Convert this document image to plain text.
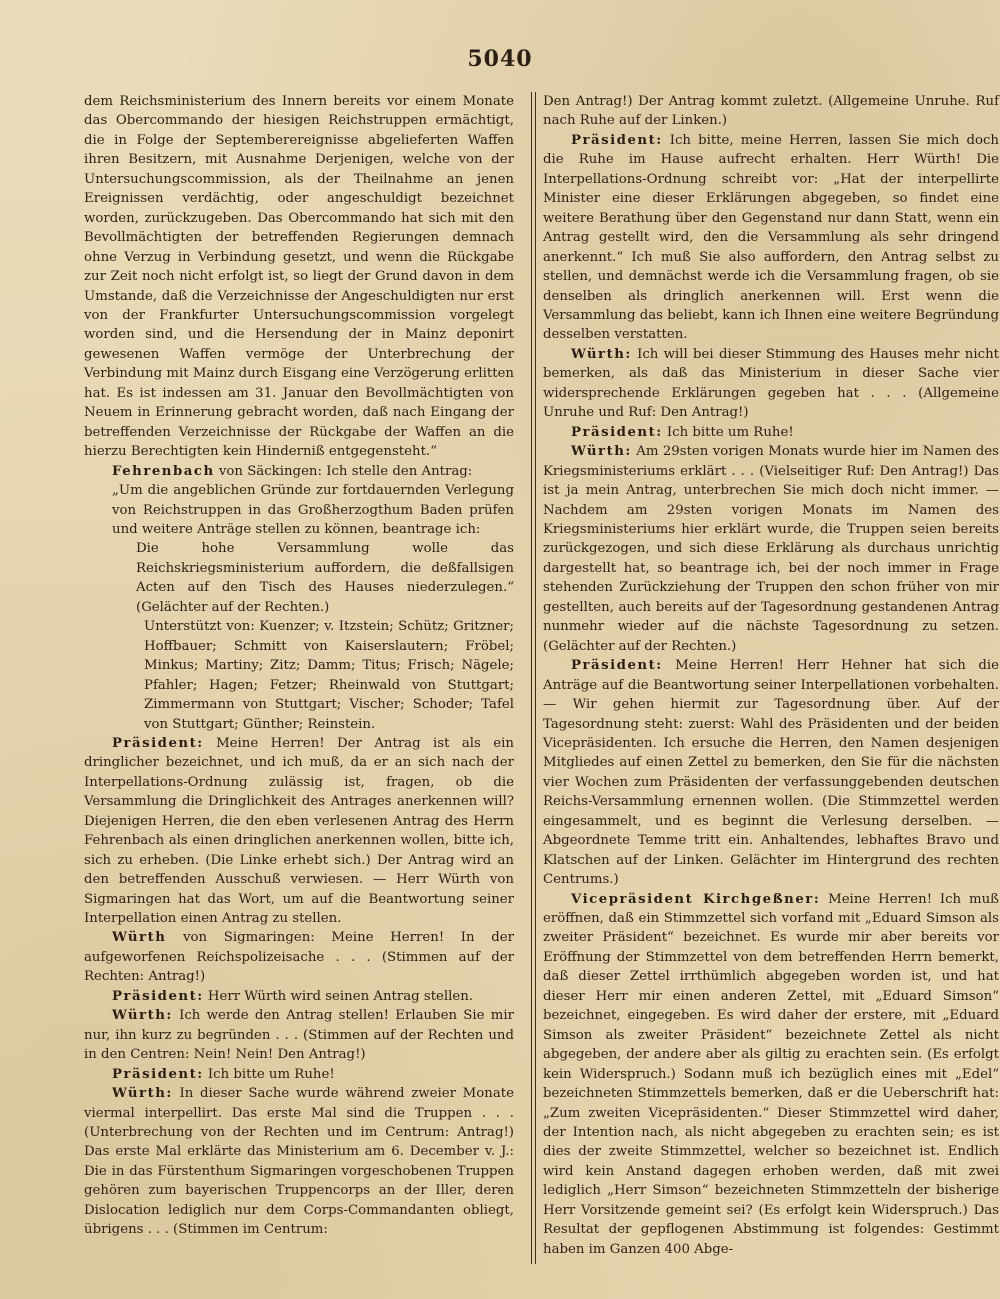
5040

dem Reichsministerium des Innern bereits vor einem Monate das Obercommando der hiesigen Reichstruppen ermächtigt, die in Folge der Septemberereignisse abgelieferten Waffen ihren Besitzern, mit Ausnahme Derjenigen, welche von der Untersuchungscommission, als der Theilnahme an jenen Ereignissen verdächtig, oder angeschuldigt bezeichnet worden, zurückzugeben. Das Obercommando hat sich mit den Bevollmächtigten der betreffenden Regierungen demnach ohne Verzug in Verbindung gesetzt, und wenn die Rückgabe zur Zeit noch nicht erfolgt ist, so liegt der Grund davon in dem Umstande, daß die Verzeichnisse der Angeschuldigten nur erst von der Frankfurter Untersuchungscommission vorgelegt worden sind, und die Hersendung der in Mainz deponirt gewesenen Waffen vermöge der Unterbrechung der Verbindung mit Mainz durch Eisgang eine Verzögerung erlitten hat. Es ist indessen am 31. Januar den Bevollmächtigten von Neuem in Erinnerung gebracht worden, daß nach Eingang der betreffenden Verzeichnisse der Rückgabe der Waffen an die hierzu Berechtigten kein Hinderniß entgegensteht.“

Fehrenbach von Säckingen: Ich stelle den Antrag:

„Um die angeblichen Gründe zur fortdauernden Verlegung von Reichstruppen in das Großherzogthum Baden prüfen und weitere Anträge stellen zu können, beantrage ich:

Die hohe Versammlung wolle das Reichskriegsministerium auffordern, die deßfallsigen Acten auf den Tisch des Hauses niederzulegen.“ (Gelächter auf der Rechten.)

Unterstützt von: Kuenzer; v. Itzstein; Schütz; Gritzner; Hoffbauer; Schmitt von Kaiserslautern; Fröbel; Minkus; Martiny; Zitz; Damm; Titus; Frisch; Nägele; Pfahler; Hagen; Fetzer; Rheinwald von Stuttgart; Zimmermann von Stuttgart; Vischer; Schoder; Tafel von Stuttgart; Günther; Reinstein.

Präsident: Meine Herren! Der Antrag ist als ein dringlicher bezeichnet, und ich muß, da er an sich nach der Interpellations-Ordnung zulässig ist, fragen, ob die Versammlung die Dringlichkeit des Antrages anerkennen will? Diejenigen Herren, die den eben verlesenen Antrag des Herrn Fehrenbach als einen dringlichen anerkennen wollen, bitte ich, sich zu erheben. (Die Linke erhebt sich.) Der Antrag wird an den betreffenden Ausschuß verwiesen. — Herr Würth von Sigmaringen hat das Wort, um auf die Beantwortung seiner Interpellation einen Antrag zu stellen.

Würth von Sigmaringen: Meine Herren! In der aufgeworfenen Reichspolizeisache . . . (Stimmen auf der Rechten: Antrag!)

Präsident: Herr Würth wird seinen Antrag stellen.

Würth: Ich werde den Antrag stellen! Erlauben Sie mir nur, ihn kurz zu begründen . . . (Stimmen auf der Rechten und in den Centren: Nein! Nein! Den Antrag!)

Präsident: Ich bitte um Ruhe!

Würth: In dieser Sache wurde während zweier Monate viermal interpellirt. Das erste Mal sind die Truppen . . . (Unterbrechung von der Rechten und im Centrum: Antrag!) Das erste Mal erklärte das Ministerium am 6. December v. J.: Die in das Fürstenthum Sigmaringen vorgeschobenen Truppen gehören zum bayerischen Truppencorps an der Iller, deren Dislocation lediglich nur dem Corps-Commandanten obliegt, übrigens . . . (Stimmen im Centrum:

Den Antrag!) Der Antrag kommt zuletzt. (Allgemeine Unruhe. Ruf nach Ruhe auf der Linken.)

Präsident: Ich bitte, meine Herren, lassen Sie mich doch die Ruhe im Hause aufrecht erhalten. Herr Würth! Die Interpellations-Ordnung schreibt vor: „Hat der interpellirte Minister eine dieser Erklärungen abgegeben, so findet eine weitere Berathung über den Gegenstand nur dann Statt, wenn ein Antrag gestellt wird, den die Versammlung als sehr dringend anerkennt.“ Ich muß Sie also auffordern, den Antrag selbst zu stellen, und demnächst werde ich die Versammlung fragen, ob sie denselben als dringlich anerkennen will. Erst wenn die Versammlung das beliebt, kann ich Ihnen eine weitere Begründung desselben verstatten.

Würth: Ich will bei dieser Stimmung des Hauses mehr nicht bemerken, als daß das Ministerium in dieser Sache vier widersprechende Erklärungen gegeben hat . . . (Allgemeine Unruhe und Ruf: Den Antrag!)

Präsident: Ich bitte um Ruhe!

Würth: Am 29sten vorigen Monats wurde hier im Namen des Kriegsministeriums erklärt . . . (Vielseitiger Ruf: Den Antrag!) Das ist ja mein Antrag, unterbrechen Sie mich doch nicht immer. — Nachdem am 29sten vorigen Monats im Namen des Kriegsministeriums hier erklärt wurde, die Truppen seien bereits zurückgezogen, und sich diese Erklärung als durchaus unrichtig dargestellt hat, so beantrage ich, bei der noch immer in Frage stehenden Zurückziehung der Truppen den schon früher von mir gestellten, auch bereits auf der Tagesordnung gestandenen Antrag nunmehr wieder auf die nächste Tagesordnung zu setzen. (Gelächter auf der Rechten.)

Präsident: Meine Herren! Herr Hehner hat sich die Anträge auf die Beantwortung seiner Interpellationen vorbehalten. — Wir gehen hiermit zur Tagesordnung über. Auf der Tagesordnung steht: zuerst: Wahl des Präsidenten und der beiden Vicepräsidenten. Ich ersuche die Herren, den Namen desjenigen Mitgliedes auf einen Zettel zu bemerken, den Sie für die nächsten vier Wochen zum Präsidenten der verfassunggebenden deutschen Reichs-Versammlung ernennen wollen. (Die Stimmzettel werden eingesammelt, und es beginnt die Verlesung derselben. — Abgeordnete Temme tritt ein. Anhaltendes, lebhaftes Bravo und Klatschen auf der Linken. Gelächter im Hintergrund des rechten Centrums.)

Vicepräsident Kirchgeßner: Meine Herren! Ich muß eröffnen, daß ein Stimmzettel sich vorfand mit „Eduard Simson als zweiter Präsident“ bezeichnet. Es wurde mir aber bereits vor Eröffnung der Stimmzettel von dem betreffenden Herrn bemerkt, daß dieser Zettel irrthümlich abgegeben worden ist, und hat dieser Herr mir einen anderen Zettel, mit „Eduard Simson“ bezeichnet, eingegeben. Es wird daher der erstere, mit „Eduard Simson als zweiter Präsident“ bezeichnete Zettel als nicht abgegeben, der andere aber als giltig zu erachten sein. (Es erfolgt kein Widerspruch.) Sodann muß ich bezüglich eines mit „Edel“ bezeichneten Stimmzettels bemerken, daß er die Ueberschrift hat: „Zum zweiten Vicepräsidenten.“ Dieser Stimmzettel wird daher, der Intention nach, als nicht abgegeben zu erachten sein; es ist dies der zweite Stimmzettel, welcher so bezeichnet ist. Endlich wird kein Anstand dagegen erhoben werden, daß mit zwei lediglich „Herr Simson“ bezeichneten Stimmzetteln der bisherige Herr Vorsitzende gemeint sei? (Es erfolgt kein Widerspruch.) Das Resultat der gepflogenen Abstimmung ist folgendes: Gestimmt haben im Ganzen 400 Abge-
